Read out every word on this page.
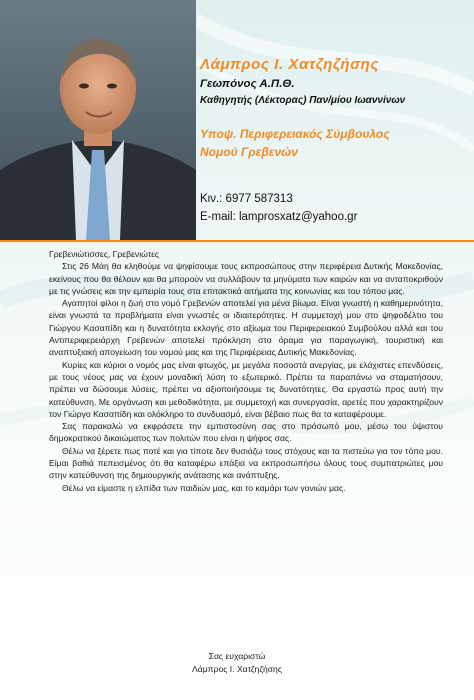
Λάμπρος Ι. Χατζηζήσης
Γεωπόνος Α.Π.Θ.
Καθηγητής (Λέκτορας) Παν/μίου Ιωαννίνων
Υποψ. Περιφερειακός Σύμβουλος
Νομού Γρεβενών
Κιν.: 6977 587313
E-mail: lamprosxatz@yahoo.gr

Γρεβενιώτισσες, Γρεβενιώτες

Στις 26 Μάη θα κληθούμε να ψηφίσουμε τους εκπροσώπους στην περιφέρεια Δυτικής Μακεδονίας, εκείνους που θα θέλουν και θα μπορούν να συλλάβουν τα μηνύματα των καιρών και να ανταποκριθούν με τις γνώσεις και την εμπειρία τους στα επιτακτικά αιτήματα της κοινωνίας και του τόπου μας.

Αγαπητοί φίλοι η ζωή στο νομό Γρεβενών αποτελεί για μένα βίωμα. Είναι γνωστή η καθημερινότητα, είναι γνωστά τα προβλήματα είναι γνωστές οι ιδιαιτερότητες. Η συμμετοχή μου στο ψηφοδέλτιο του Γιώργου Κασαπίδη και η δυνατότητα εκλογής στο αξίωμα του Περιφερειακού Συμβούλου αλλά και του Αντιπεριφερειάρχη Γρεβενών αποτελεί πρόκληση στο όραμα για παραγωγική, τουριστική και αναπτυξιακή απογείωση του νομού μας και της Περιφέρειας Δυτικής Μακεδονίας.

Κυρίες και κύριοι ο νομός μας είναι φτωχός, με μεγάλα ποσοστά ανεργίας, με ελάχιστες επενδύσεις, με τους νέους μας να έχουν μοναδική λύση το εξωτερικό. Πρέπει τα παραπάνω να σταματήσουν, πρέπει να δώσουμε λύσεις, πρέπει να αξιοποιήσουμε τις δυνατότητες. Θα εργαστώ προς αυτή την κατεύθυνση. Με οργάνωση και μεθοδικότητα, με συμμετοχή και συνεργασία, αρετές που χαρακτηρίζουν τον Γιώργο Κασαπίδη και ολόκληρο το συνδυασμό, είναι βέβαιο πως θα τα καταφέρουμε.

Σας παρακαλώ να εκφράσετε την εμπιστοσύνη σας στο πρόσωπό μου, μέσω του ύψιστου δημοκρατικού δικαιώματος των πολιτών που είναι η ψήφος σας.

Θέλω να ξέρετε πως ποτέ και για τίποτε δεν θυσιάζω τους στόχους και τα πιστεύω για τον τόπο μου. Είμαι βαθιά πεπεισμένος ότι θα καταφέρω επάξια να εκπροσωπήσω όλους τους συμπατριώτες μου στην κατεύθυνση της δημιουργικής ανάτασης και ανάπτυξης.

Θέλω να είμαστε η ελπίδα των παιδιών μας, και το καμάρι των γονιών μας.

Σας ευχαριστώ
Λάμπρος Ι. Χατζηζήσης
